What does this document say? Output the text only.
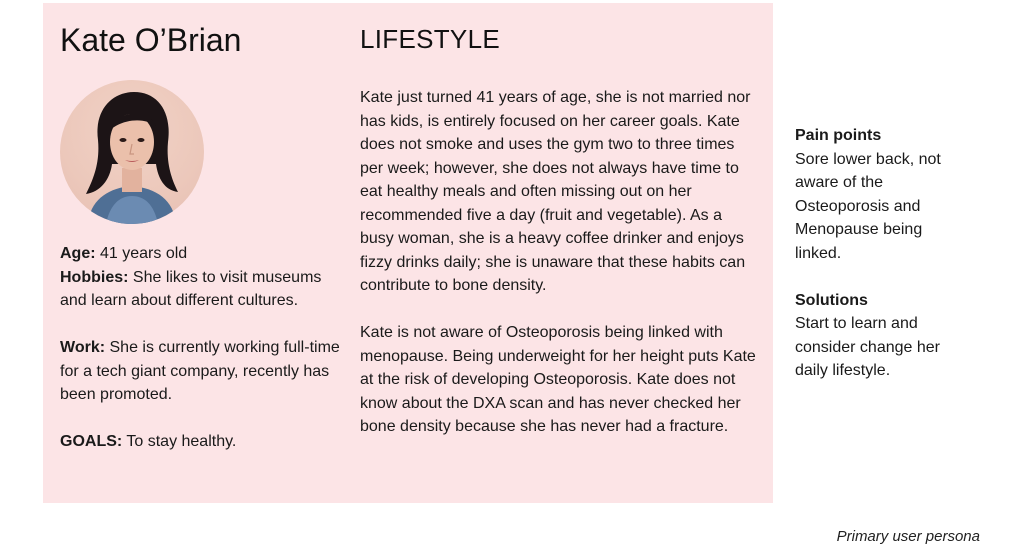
Kate O’Brian

Age: 41 years old

Hobbies: She likes to visit museums and learn about different cultures.

Work: She is currently working full-time for a tech giant company, recently has been promoted.

GOALS: To stay healthy.

LIFESTYLE

Kate just turned 41 years of age, she is not married nor has kids, is entirely focused on her career goals. Kate does not smoke and uses the gym two to three times per week; however, she does not always have time to eat healthy meals and often missing out on her recommended five a day (fruit and vegetable). As a busy woman, she is a heavy coffee drinker and enjoys fizzy drinks daily; she is unaware that these habits can contribute to bone density.

Kate is not aware of Osteoporosis being linked with menopause. Being underweight for her height puts Kate at the risk of developing Osteoporosis. Kate does not know about the DXA scan and has never checked her bone density because she has never had a fracture.

Pain points

Sore lower back, not aware of the Osteoporosis and Menopause being linked.

Solutions

Start to learn and consider change her daily lifestyle.

Primary user persona
